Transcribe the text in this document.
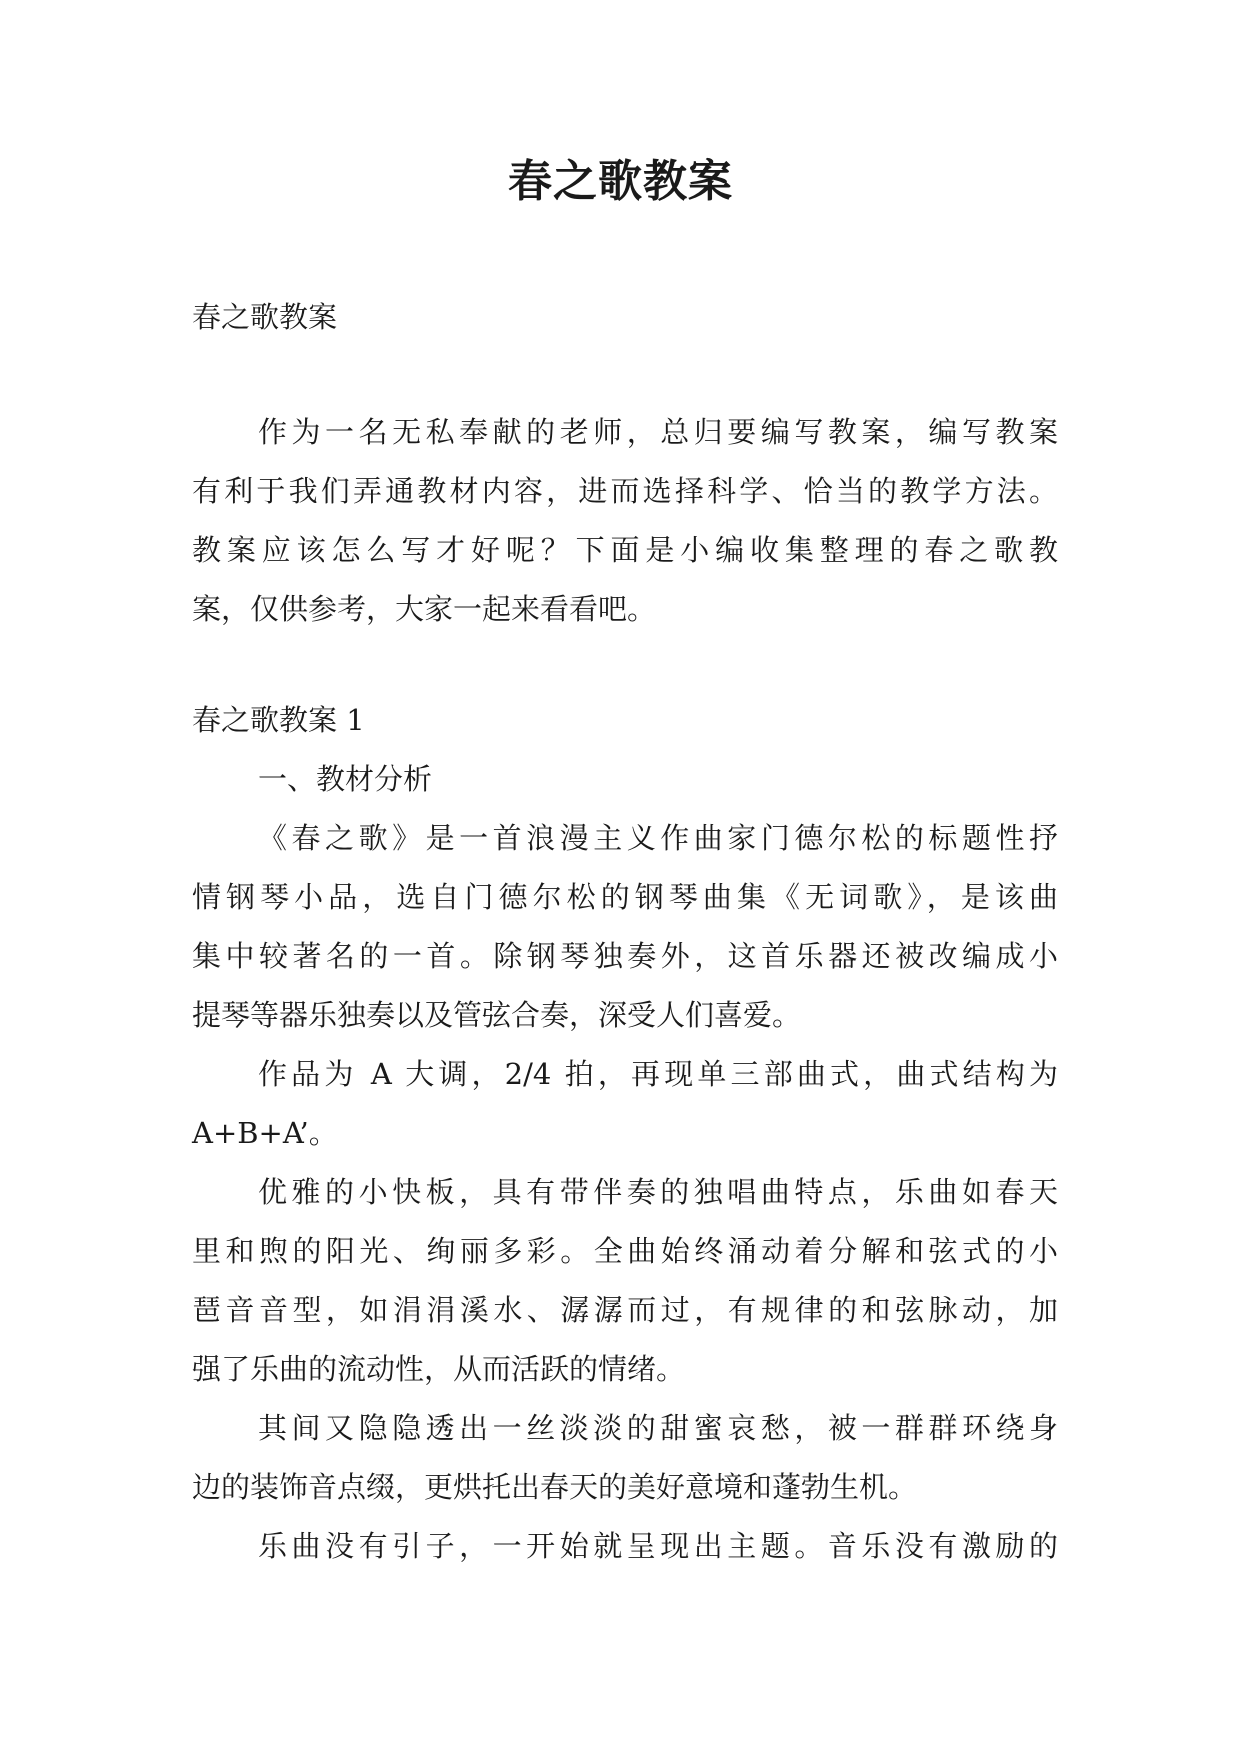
春之歌教案
春之歌教案
作为一名无私奉献的老师，总归要编写教案，编写教案
有利于我们弄通教材内容，进而选择科学、恰当的教学方法。
教案应该怎么写才好呢？下面是小编收集整理的春之歌教
案，仅供参考，大家一起来看看吧。
春之歌教案 1
一、教材分析
《春之歌》是一首浪漫主义作曲家门德尔松的标题性抒
情钢琴小品，选自门德尔松的钢琴曲集《无词歌》，是该曲
集中较著名的一首。除钢琴独奏外，这首乐器还被改编成小
提琴等器乐独奏以及管弦合奏，深受人们喜爱。
作品为 A 大调，2/4 拍，再现单三部曲式，曲式结构为
A+B+A’。
优雅的小快板，具有带伴奏的独唱曲特点，乐曲如春天
里和煦的阳光、绚丽多彩。全曲始终涌动着分解和弦式的小
琶音音型，如涓涓溪水、潺潺而过，有规律的和弦脉动，加
强了乐曲的流动性，从而活跃的情绪。
其间又隐隐透出一丝淡淡的甜蜜哀愁，被一群群环绕身
边的装饰音点缀，更烘托出春天的美好意境和蓬勃生机。
乐曲没有引子，一开始就呈现出主题。音乐没有激励的
